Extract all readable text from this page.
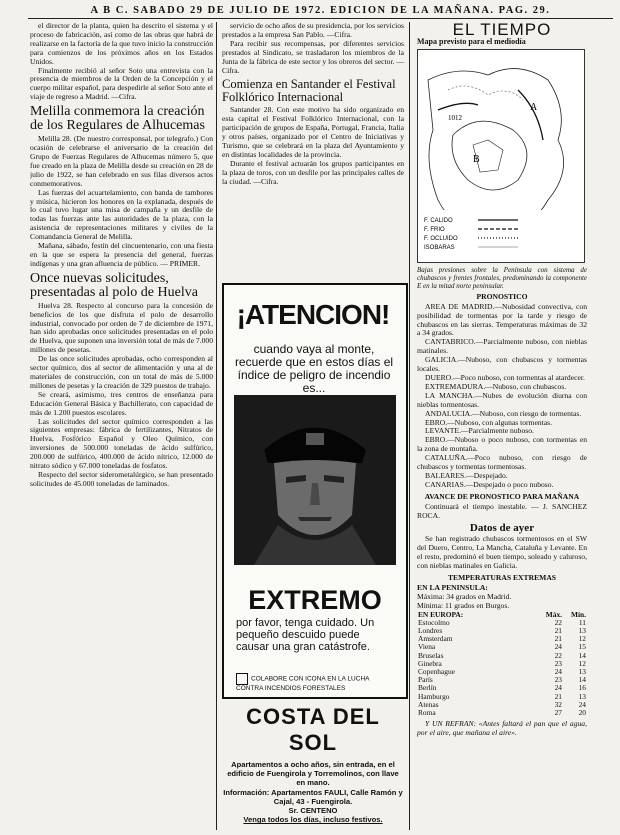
A B C. SABADO 29 DE JULIO DE 1972. EDICION DE LA MAÑANA. PAG. 29.

el director de la planta, quien ha descrito el sistema y el proceso de fabricación, así como de las obras que habrá de realizarse en la factoría de la que tuvo inicio la construcción para comienzos de los próximos años en los Estados Unidos.

Finalmente recibió al señor Soto una entrevista con la presencia de miembros de la Orden de la Concepción y el cuerpo militar español, para despedirle al señor Soto ante el viaje de regreso a Madrid. —Cifra.

Melilla conmemora la creación de los Regulares de Alhucemas

Melilla 28. (De nuestro corresponsal, por telegrafo.) Con ocasión de celebrarse el aniversario de la creación del Grupo de Fuerzas Regulares de Alhucemas número 5, que fue creado en la plaza de Melilla desde su creación en 28 de julio de 1922, se han celebrado en sus filas diversos actos conmemorativos.

Las fuerzas del acuartelamiento, con banda de tambores y música, hicieron los honores en la explanada, después de lo cual tuvo lugar una misa de campaña y un desfile de todas las fuerzas ante las autoridades de la plaza, con la asistencia de representaciones militares y civiles de la Comandancia General de Melilla.

Mañana, sábado, festín del cincuentenario, con una fiesta en la que se espera la presencia del general, fuerzas indígenas y una gran afluencia de público. — PRIMER.

Once nuevas solicitudes, presentadas al polo de Huelva

Huelva 28. Respecto al concurso para la concesión de beneficios de los que disfruta el polo de desarrollo industrial, convocado por orden de 7 de diciembre de 1971, han sido aprobadas once solicitudes presentadas en el polo de Huelva, que suponen una inversión total de más de 7.000 millones de pesetas.

De las once solicitudes aprobadas, ocho corresponden al sector químico, dos al sector de alimentación y una al de materiales de construcción, con un total de más de 5.000 millones de pesetas y la creación de 329 puestos de trabajo.

Se creará, asimismo, tres centros de enseñanza para Educación General Básica y Bachillerato, con capacidad de más de 1.200 puestos escolares.

Las solicitudes del sector químico corresponden a las siguientes empresas: fábrica de fertilizantes, Nitratos de Huelva, Fosfórico Español y Oleo Químico, con inversiones de 500.000 toneladas de ácido sulfúrico, 200.000 de sulfúrico, 400.000 de ácido nítrico, 12.000 de nitrato sódico y 67.000 toneladas de fosfatos.

Respecto del sector siderometalúrgico, se han presentado solicitudes de 45.000 toneladas de laminados.

servicio de ocho años de su presidencia, por los servicios prestados a la empresa San Pablo. —Cifra.

Para recibir sus recompensas, por diferentes servicios prestados al Sindicato, se trasladaron los miembros de la Junta de la fábrica de este sector y los obreros del sector. —Cifra.

Comienza en Santander el Festival Folklórico Internacional

Santander 28. Con este motivo ha sido organizado en esta capital el Festival Folklórico Internacional, con la participación de grupos de España, Portugal, Francia, Italia y otros países, organizado por el Centro de Iniciativas y Turismo, que se celebrará en la plaza del Ayuntamiento y en distintas localidades de la provincia.

Durante el festival actuarán los grupos participantes en la plaza de toros, con un desfile por las principales calles de la ciudad. —Cifra.

¡ATENCION!
cuando vaya al monte, recuerde que en estos días el índice de peligro de incendio es...
EXTREMO
por favor, tenga cuidado. Un pequeño descuido puede causar una gran catástrofe.
COLABORE CON ICONA EN LA LUCHA CONTRA INCENDIOS FORESTALES
COSTA DEL SOL
Apartamentos a ocho años, sin entrada, en el edificio de Fuengirola y Torremolinos, con llave en mano.
Información: Apartamentos FAULI, Calle Ramón y Cajal, 43 - Fuengirola.
Sr. CENTENO
Venga todos los días, incluso festivos.
EL TIEMPO
Mapa previsto para el mediodía
B
A
1012
F. CALIDO
F. FRIO
F. OCLUIDO
ISOBARAS
Bajas presiones sobre la Península con sistema de chubascos y frentes frontales, predominando la componente E en la mitad norte peninsular.
PRONOSTICO

AREA DE MADRID.—Nubosidad convectiva, con posibilidad de tormentas por la tarde y riesgo de chubascos en las sierras. Temperaturas máximas de 32 a 34 grados.

CANTABRICO.—Parcialmente nuboso, con nieblas matinales.

GALICIA.—Nuboso, con chubascos y tormentas locales.

DUERO.—Poco nuboso, con tormentas al atardecer.

EXTREMADURA.—Nuboso, con chubascos.

LA MANCHA.—Nubes de evolución diurna con nieblas tormentosas.

ANDALUCIA.—Nuboso, con riesgo de tormentas.

EBRO.—Nuboso, con algunas tormentas.

LEVANTE.—Parcialmente nuboso.

EBRO.—Nuboso o poco nuboso, con tormentas en la zona de montaña.

CATALUÑA.—Poco nuboso, con riesgo de chubascos y tormentas tormentosas.

BALEARES.—Despejado.

CANARIAS.—Despejado o poco nuboso.

AVANCE DE PRONOSTICO PARA MAÑANA

Continuará el tiempo inestable. — J. SANCHEZ ROCA.

Datos de ayer

Se han registrado chubascos tormentosos en el SW del Duero, Centro, La Mancha, Cataluña y Levante. En el resto, predominó el buen tiempo, soleado y caluroso, con nieblas matinales en Galicia.

TEMPERATURAS EXTREMAS
EN LA PENINSULA:
Máxima: 34 grados en Madrid.
Mínima: 11 grados en Burgos.
EN EUROPA:	Máx.	Mín.
Estocolmo	22	11
Londres	21	13
Amsterdam	21	12
Viena	24	15
Bruselas	22	14
Ginebra	23	12
Copenhague	24	13
París	23	14
Berlín	24	16
Hamburgo	21	13
Atenas	32	24
Roma	27	20

Y UN REFRAN: «Antes faltará el pan que el agua, por el aire, que mañana el aire».
